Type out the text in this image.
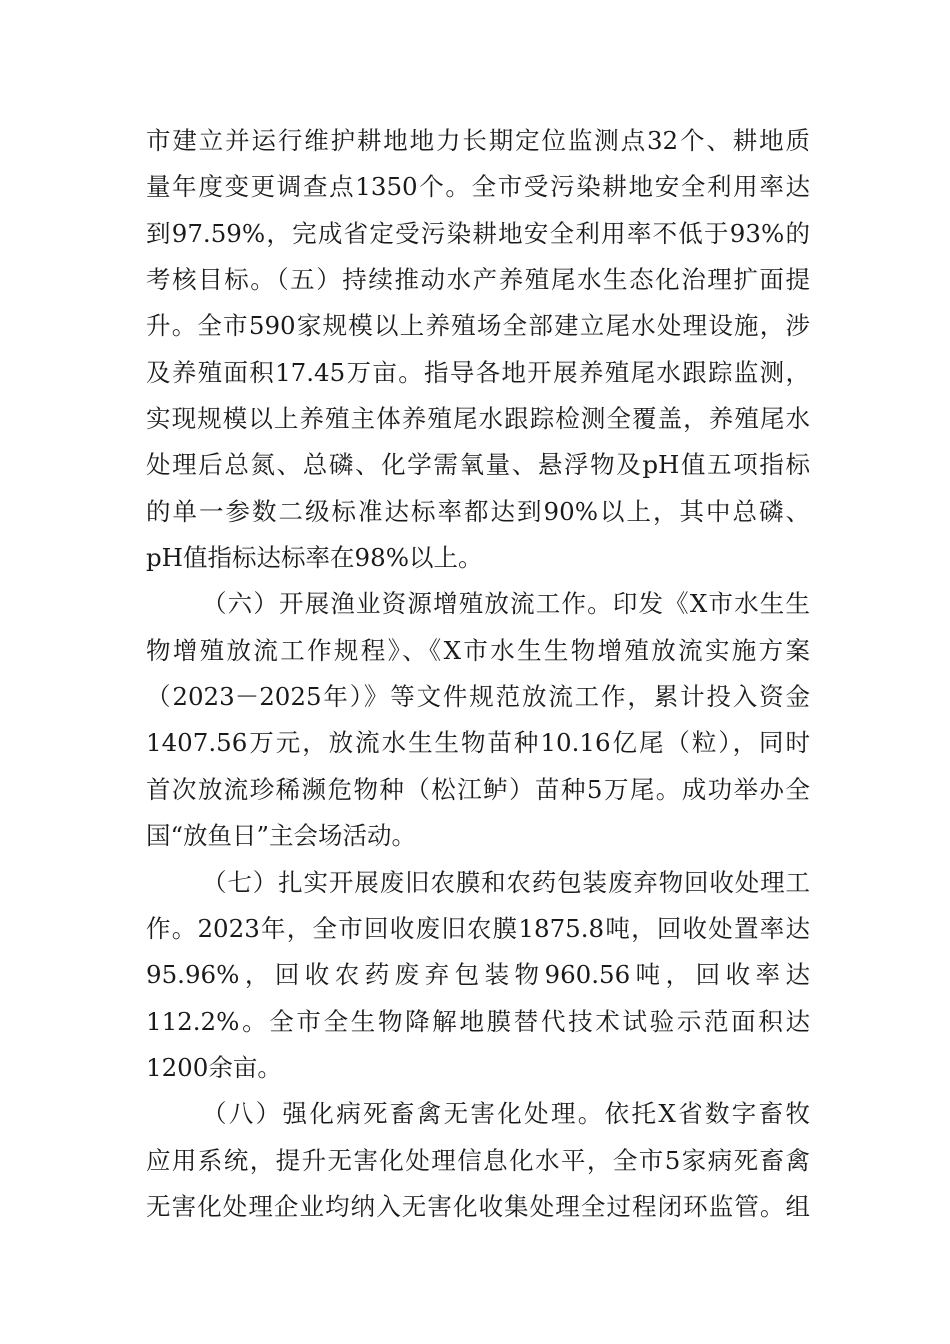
市建立并运行维护耕地地力长期定位监测点32个、耕地质
量年度变更调查点1350个。全市受污染耕地安全利用率达
到97.59%，完成省定受污染耕地安全利用率不低于93%的
考核目标。（五）持续推动水产养殖尾水生态化治理扩面提
升。全市590家规模以上养殖场全部建立尾水处理设施，涉
及养殖面积17.45万亩。指导各地开展养殖尾水跟踪监测，
实现规模以上养殖主体养殖尾水跟踪检测全覆盖，养殖尾水
处理后总氮、总磷、化学需氧量、悬浮物及pH值五项指标
的单一参数二级标准达标率都达到90%以上，其中总磷、
pH值指标达标率在98%以上。
（六）开展渔业资源增殖放流工作。印发《X市水生生
物增殖放流工作规程》、《X市水生生物增殖放流实施方案
（2023－2025年）》等文件规范放流工作，累计投入资金
1407.56万元，放流水生生物苗种10.16亿尾（粒），同时
首次放流珍稀濒危物种（松江鲈）苗种5万尾。成功举办全
国“放鱼日”主会场活动。
（七）扎实开展废旧农膜和农药包装废弃物回收处理工
作。2023年，全市回收废旧农膜1875.8吨，回收处置率达
95.96%，回收农药废弃包装物960.56吨，回收率达
112.2%。全市全生物降解地膜替代技术试验示范面积达
1200余亩。
（八）强化病死畜禽无害化处理。依托X省数字畜牧
应用系统，提升无害化处理信息化水平，全市5家病死畜禽
无害化处理企业均纳入无害化收集处理全过程闭环监管。组
